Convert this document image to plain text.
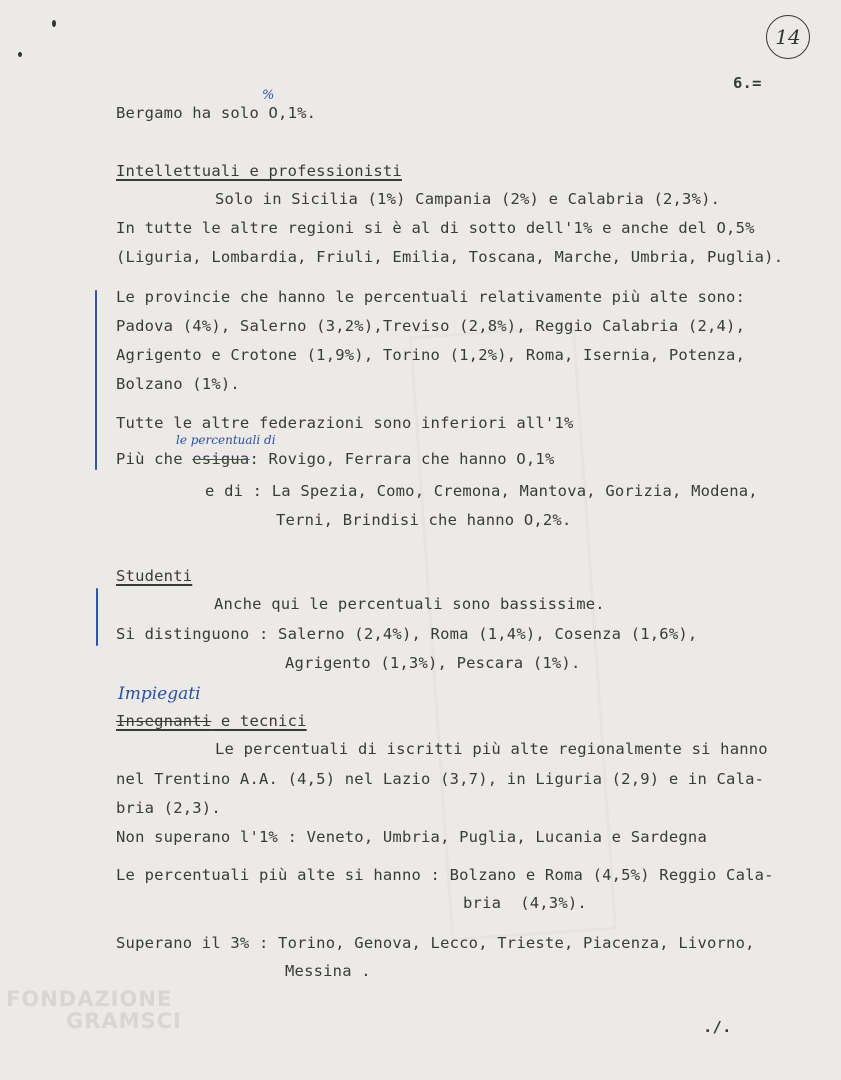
14
6.=
Bergamo ha solo O,1%.
%
Intellettuali e professionisti
Solo in Sicilia (1%) Campania (2%) e Calabria (2,3%).
In tutte le altre regioni si è al di sotto dell'1% e anche del O,5%
(Liguria, Lombardia, Friuli, Emilia, Toscana, Marche, Umbria, Puglia).
Le provincie che hanno le percentuali relativamente più alte sono:
Padova (4%), Salerno (3,2%),Treviso (2,8%), Reggio Calabria (2,4),
Agrigento e Crotone (1,9%), Torino (1,2%), Roma, Isernia, Potenza,
Bolzano (1%).
Tutte le altre federazioni sono inferiori all'1%
le percentuali di
Più che esigua: Rovigo, Ferrara che hanno O,1%
e di : La Spezia, Como, Cremona, Mantova, Gorizia, Modena,
Terni, Brindisi che hanno O,2%.
Studenti
Anche qui le percentuali sono bassissime.
Si distinguono : Salerno (2,4%), Roma (1,4%), Cosenza (1,6%),
Agrigento (1,3%), Pescara (1%).
Impiegati
Insegnanti e tecnici
Le percentuali di iscritti più alte regionalmente si hanno
nel Trentino A.A. (4,5) nel Lazio (3,7), in Liguria (2,9) e in Cala-
bria (2,3).
Non superano l'1% : Veneto, Umbria, Puglia, Lucania e Sardegna
Le percentuali più alte si hanno : Bolzano e Roma (4,5%) Reggio Cala-
bria  (4,3%).
Superano il 3% : Torino, Genova, Lecco, Trieste, Piacenza, Livorno,
Messina .
./.
FONDAZIONE
GRAMSCI
